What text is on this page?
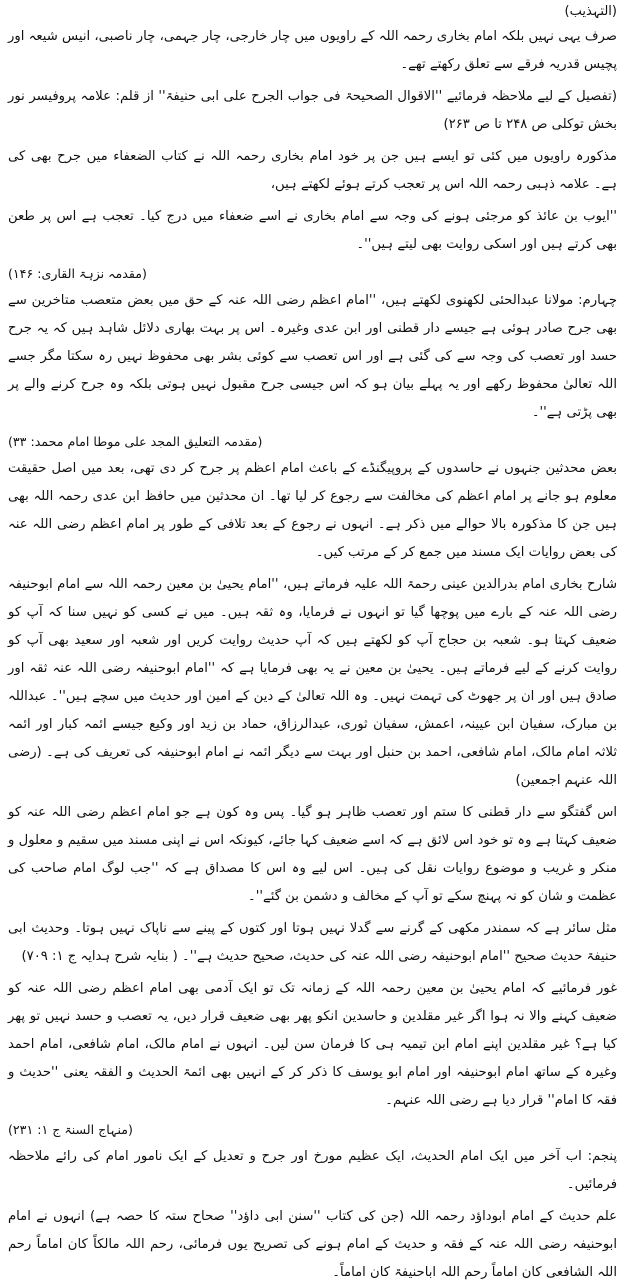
(التہذیب)

صرف یہی نہیں بلکہ امام بخاری رحمہ اللہ کے راویوں میں چار خارجی، چار جہمی، چار ناصبی، انیس شیعہ اور پچیس قدریہ فرقے سے تعلق رکھتے تھے۔

(تفصیل کے لیے ملاحظہ فرمائیے ''الاقوال الصحیحۃ فی جواب الجرح علی ابی حنیفۃ'' از قلم: علامہ پروفیسر نور بخش توکلی ص ۲۴۸ تا ص ۲۶۳)

مذکورہ راویوں میں کئی تو ایسے ہیں جن پر خود امام بخاری رحمہ اللہ نے کتاب الضعفاء میں جرح بھی کی ہے۔ علامہ ذہبی رحمہ اللہ اس پر تعجب کرتے ہوئے لکھتے ہیں،

''ایوب بن عائذ کو مرجئی ہونے کی وجہ سے امام بخاری نے اسے ضعفاء میں درج کیا۔ تعجب ہے اس پر طعن بھی کرتے ہیں اور اسکی روایت بھی لیتے ہیں''۔

(مقدمہ نزہۃ القاری: ۱۴۶)

چہارم: مولانا عبدالحئی لکھنوی لکھتے ہیں، ''امام اعظم رضی اللہ عنہ کے حق میں بعض متعصب متاخرین سے بھی جرح صادر ہوئی ہے جیسے دار قطنی اور ابن عدی وغیرہ۔ اس پر بہت بھاری دلائل شاہد ہیں کہ یہ جرح حسد اور تعصب کی وجہ سے کی گئی ہے اور اس تعصب سے کوئی بشر بھی محفوظ نہیں رہ سکتا مگر جسے اللہ تعالیٰ محفوظ رکھے اور یہ پہلے بیان ہو کہ اس جیسی جرح مقبول نہیں ہوتی بلکہ وہ جرح کرنے والے پر بھی پڑتی ہے''۔

(مقدمہ التعلیق المجد علی موطا امام محمد: ۳۳)

بعض محدثین جنہوں نے حاسدوں کے پروپیگنڈے کے باعث امام اعظم پر جرح کر دی تھی، بعد میں اصل حقیقت معلوم ہو جانے پر امام اعظم کی مخالفت سے رجوع کر لیا تھا۔ ان محدثین میں حافظ ابن عدی رحمہ اللہ بھی ہیں جن کا مذکورہ بالا حوالے میں ذکر ہے۔ انہوں نے رجوع کے بعد تلافی کے طور پر امام اعظم رضی اللہ عنہ کی بعض روایات ایک مسند میں جمع کر کے مرتب کیں۔

شارح بخاری امام بدرالدین عینی رحمۃ اللہ علیہ فرماتے ہیں، ''امام یحییٰ بن معین رحمہ اللہ سے امام ابوحنیفہ رضی اللہ عنہ کے بارے میں پوچھا گیا تو انہوں نے فرمایا، وہ ثقہ ہیں۔ میں نے کسی کو نہیں سنا کہ آپ کو ضعیف کہتا ہو۔ شعبہ بن حجاج آپ کو لکھتے ہیں کہ آپ حدیث روایت کریں اور شعبہ اور سعید بھی آپ کو روایت کرنے کے لیے فرماتے ہیں۔ یحییٰ بن معین نے یہ بھی فرمایا ہے کہ ''امام ابوحنیفہ رضی اللہ عنہ ثقہ اور صادق ہیں اور ان پر جھوٹ کی تہمت نہیں۔ وہ اللہ تعالیٰ کے دین کے امین اور حدیث میں سچے ہیں''۔ عبداللہ بن مبارک، سفیان ابن عیینہ، اعمش، سفیان ثوری، عبدالرزاق، حماد بن زید اور وکیع جیسے ائمہ کبار اور ائمہ ثلاثہ امام مالک، امام شافعی، احمد بن حنبل اور بہت سے دیگر ائمہ نے امام ابوحنیفہ کی تعریف کی ہے۔ (رضی اللہ عنہم اجمعین)

اس گفتگو سے دار قطنی کا ستم اور تعصب ظاہر ہو گیا۔ پس وہ کون ہے جو امام اعظم رضی اللہ عنہ کو ضعیف کہتا ہے وہ تو خود اس لائق ہے کہ اسے ضعیف کہا جائے، کیونکہ اس نے اپنی مسند میں سقیم و معلول و منکر و غریب و موضوع روایات نقل کی ہیں۔ اس لیے وہ اس کا مصداق ہے کہ ''جب لوگ امام صاحب کی عظمت و شان کو نہ پہنچ سکے تو آپ کے مخالف و دشمن بن گئے''۔

مثل سائر ہے کہ سمندر مکھی کے گرنے سے گدلا نہیں ہوتا اور کتوں کے پینے سے ناپاک نہیں ہوتا۔ وحدیث ابی حنیفۃ حدیث صحیح ''امام ابوحنیفہ رضی اللہ عنہ کی حدیث، صحیح حدیث ہے''۔ ( بنایہ شرح ہدایہ ج ۱: ۷۰۹)

غور فرمائیے کہ امام یحییٰ بن معین رحمہ اللہ کے زمانہ تک تو ایک آدمی بھی امام اعظم رضی اللہ عنہ کو ضعیف کہنے والا نہ ہوا اگر غیر مقلدین و حاسدین انکو پھر بھی ضعیف قرار دیں، یہ تعصب و حسد نہیں تو پھر کیا ہے؟ غیر مقلدین اپنے امام ابن تیمیہ ہی کا فرمان سن لیں۔ انہوں نے امام مالک، امام شافعی، امام احمد وغیرہ کے ساتھ امام ابوحنیفہ اور امام ابو یوسف کا ذکر کر کے انہیں بھی ائمۃ الحدیث و الفقہ یعنی ''حدیث و فقہ کا امام'' قرار دیا ہے رضی اللہ عنہم۔

(منہاج السنۃ ج ۱: ۲۳۱)

پنجم: اب آخر میں ایک امام الحدیث، ایک عظیم مورخ اور جرح و تعدیل کے ایک نامور امام کی رائے ملاحظہ فرمائیں۔

علم حدیث کے امام ابوداؤد رحمہ اللہ (جن کی کتاب ''سنن ابی داؤد'' صحاح ستہ کا حصہ ہے) انہوں نے امام ابوحنیفہ رضی اللہ عنہ کے فقہ و حدیث کے امام ہونے کی تصریح یوں فرمائی، رحم اللہ مالکاً کان اماماً رحم اللہ الشافعی کان اماماً رحم اللہ اباحنیفۃ کان اماماً۔
